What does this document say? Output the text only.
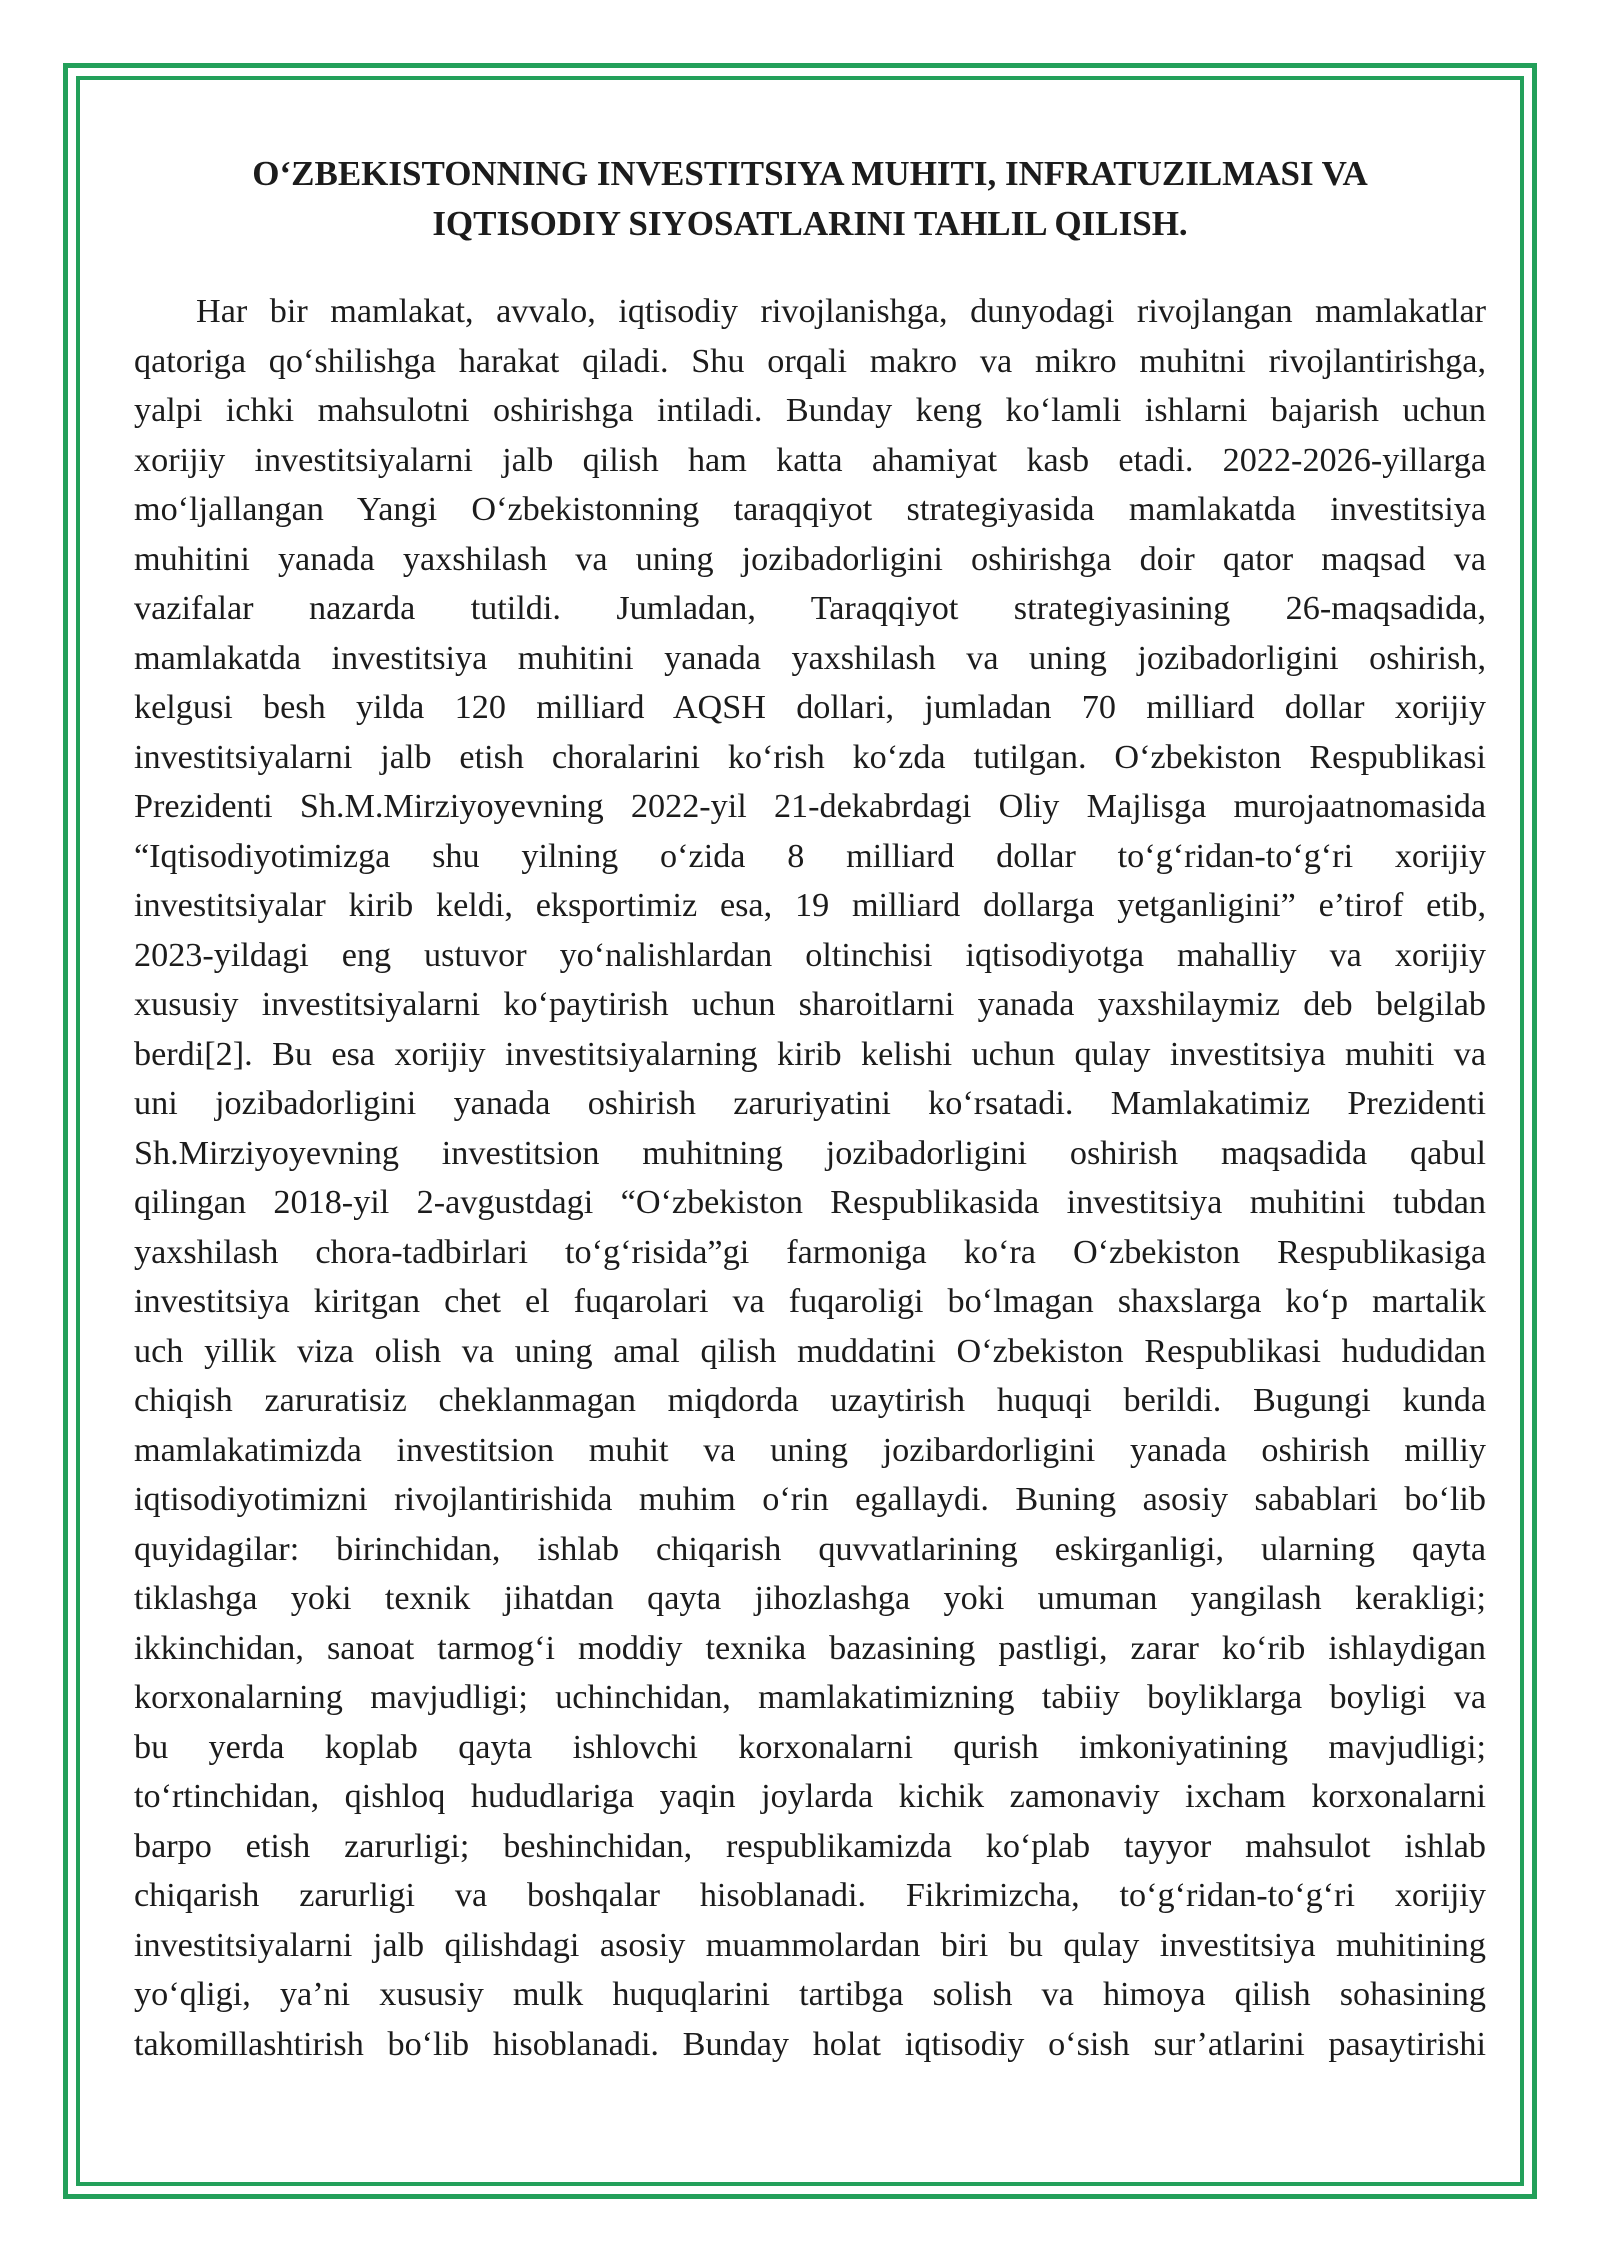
O‘ZBEKISTONNING INVESTITSIYA MUHITI, INFRATUZILMASI VA
IQTISODIY SIYOSATLARINI TAHLIL QILISH.
Har bir mamlakat, avvalo, iqtisodiy rivojlanishga, dunyodagi rivojlangan mamlakatlar
qatoriga qo‘shilishga harakat qiladi. Shu orqali makro va mikro muhitni rivojlantirishga,
yalpi ichki mahsulotni oshirishga intiladi. Bunday keng ko‘lamli ishlarni bajarish uchun
xorijiy investitsiyalarni jalb qilish ham katta ahamiyat kasb etadi. 2022-2026-yillarga
mo‘ljallangan Yangi O‘zbekistonning taraqqiyot strategiyasida mamlakatda investitsiya
muhitini yanada yaxshilash va uning jozibadorligini oshirishga doir qator maqsad va
vazifalar nazarda tutildi. Jumladan, Taraqqiyot strategiyasining 26-maqsadida,
mamlakatda investitsiya muhitini yanada yaxshilash va uning jozibadorligini oshirish,
kelgusi besh yilda 120 milliard AQSH dollari, jumladan 70 milliard dollar xorijiy
investitsiyalarni jalb etish choralarini ko‘rish ko‘zda tutilgan. O‘zbekiston Respublikasi
Prezidenti Sh.M.Mirziyoyevning 2022-yil 21-dekabrdagi Oliy Majlisga murojaatnomasida
“Iqtisodiyotimizga shu yilning o‘zida 8 milliard dollar to‘g‘ridan-to‘g‘ri xorijiy
investitsiyalar kirib keldi, eksportimiz esa, 19 milliard dollarga yetganligini” e’tirof etib,
2023-yildagi eng ustuvor yo‘nalishlardan oltinchisi iqtisodiyotga mahalliy va xorijiy
xususiy investitsiyalarni ko‘paytirish uchun sharoitlarni yanada yaxshilaymiz deb belgilab
berdi[2]. Bu esa xorijiy investitsiyalarning kirib kelishi uchun qulay investitsiya muhiti va
uni jozibadorligini yanada oshirish zaruriyatini ko‘rsatadi. Mamlakatimiz Prezidenti
Sh.Mirziyoyevning investitsion muhitning jozibadorligini oshirish maqsadida qabul
qilingan 2018-yil 2-avgustdagi “O‘zbekiston Respublikasida investitsiya muhitini tubdan
yaxshilash chora-tadbirlari to‘g‘risida”gi farmoniga ko‘ra O‘zbekiston Respublikasiga
investitsiya kiritgan chet el fuqarolari va fuqaroligi bo‘lmagan shaxslarga ko‘p martalik
uch yillik viza olish va uning amal qilish muddatini O‘zbekiston Respublikasi hududidan
chiqish zaruratisiz cheklanmagan miqdorda uzaytirish huquqi berildi. Bugungi kunda
mamlakatimizda investitsion muhit va uning jozibardorligini yanada oshirish milliy
iqtisodiyotimizni rivojlantirishida muhim o‘rin egallaydi. Buning asosiy sabablari bo‘lib
quyidagilar: birinchidan, ishlab chiqarish quvvatlarining eskirganligi, ularning qayta
tiklashga yoki texnik jihatdan qayta jihozlashga yoki umuman yangilash kerakligi;
ikkinchidan, sanoat tarmog‘i moddiy texnika bazasining pastligi, zarar ko‘rib ishlaydigan
korxonalarning mavjudligi; uchinchidan, mamlakatimizning tabiiy boyliklarga boyligi va
bu yerda koplab qayta ishlovchi korxonalarni qurish imkoniyatining mavjudligi;
to‘rtinchidan, qishloq hududlariga yaqin joylarda kichik zamonaviy ixcham korxonalarni
barpo etish zarurligi; beshinchidan, respublikamizda ko‘plab tayyor mahsulot ishlab
chiqarish zarurligi va boshqalar hisoblanadi. Fikrimizcha, to‘g‘ridan-to‘g‘ri xorijiy
investitsiyalarni jalb qilishdagi asosiy muammolardan biri bu qulay investitsiya muhitining
yo‘qligi, ya’ni xususiy mulk huquqlarini tartibga solish va himoya qilish sohasining
takomillashtirish bo‘lib hisoblanadi. Bunday holat iqtisodiy o‘sish sur’atlarini pasaytirishi
